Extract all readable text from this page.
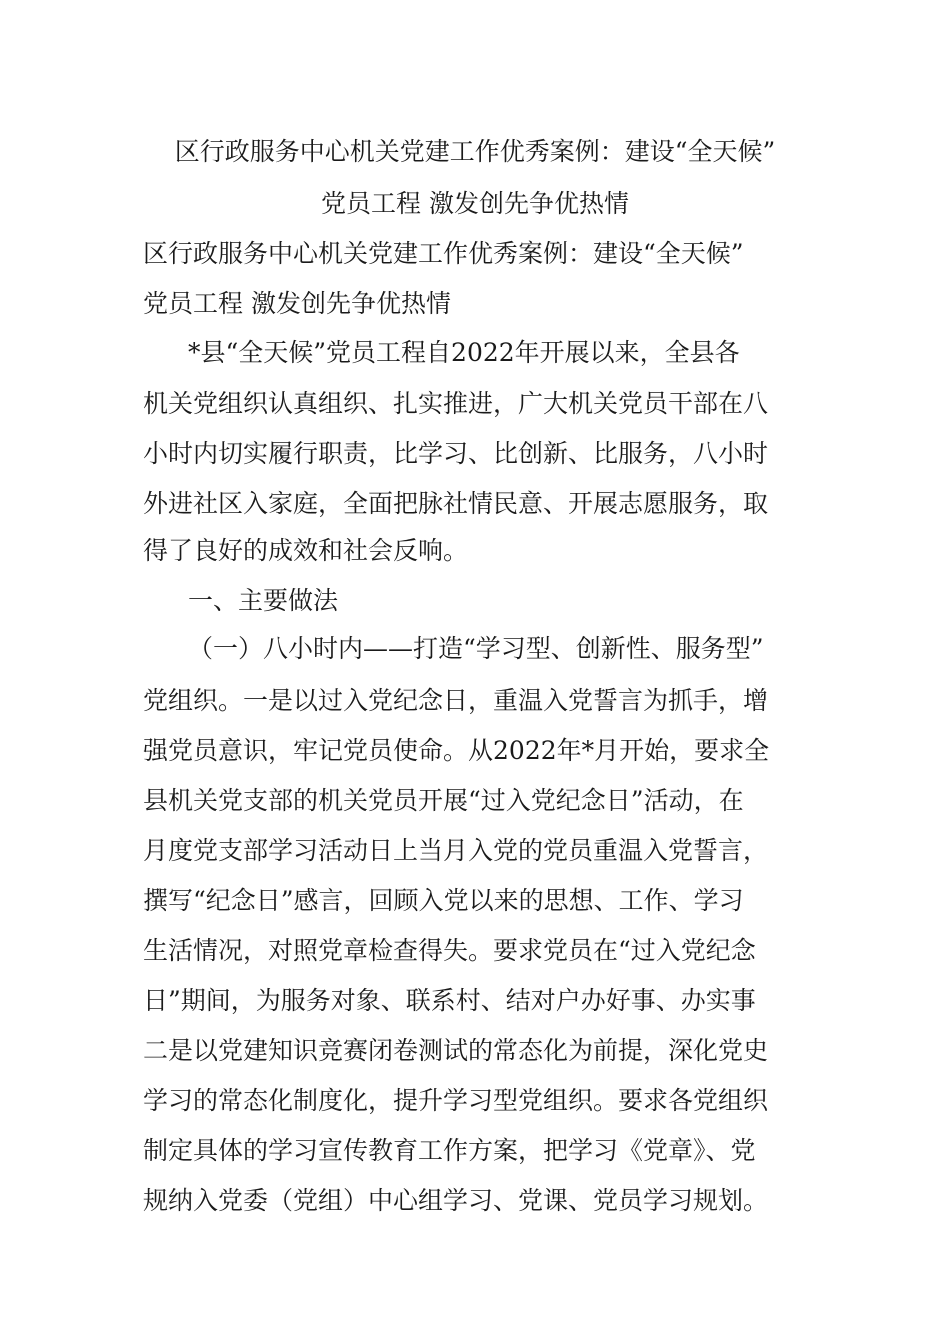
区行政服务中心机关党建工作优秀案例：建设“全天候”
党员工程 激发创先争优热情
区行政服务中心机关党建工作优秀案例：建设“全天候”
党员工程 激发创先争优热情
*县“全天候”党员工程自2022年开展以来，全县各
机关党组织认真组织、扎实推进，广大机关党员干部在八
小时内切实履行职责，比学习、比创新、比服务，八小时
外进社区入家庭，全面把脉社情民意、开展志愿服务，取
得了良好的成效和社会反响。
一、主要做法
（一）八小时内——打造“学习型、创新性、服务型”
党组织。一是以过入党纪念日，重温入党誓言为抓手，增
强党员意识，牢记党员使命。从2022年*月开始，要求全
县机关党支部的机关党员开展“过入党纪念日”活动，在
月度党支部学习活动日上当月入党的党员重温入党誓言，
撰写“纪念日”感言，回顾入党以来的思想、工作、学习
生活情况，对照党章检查得失。要求党员在“过入党纪念
日”期间，为服务对象、联系村、结对户办好事、办实事
二是以党建知识竞赛闭卷测试的常态化为前提，深化党史
学习的常态化制度化，提升学习型党组织。要求各党组织
制定具体的学习宣传教育工作方案，把学习《党章》、党
规纳入党委（党组）中心组学习、党课、党员学习规划。
